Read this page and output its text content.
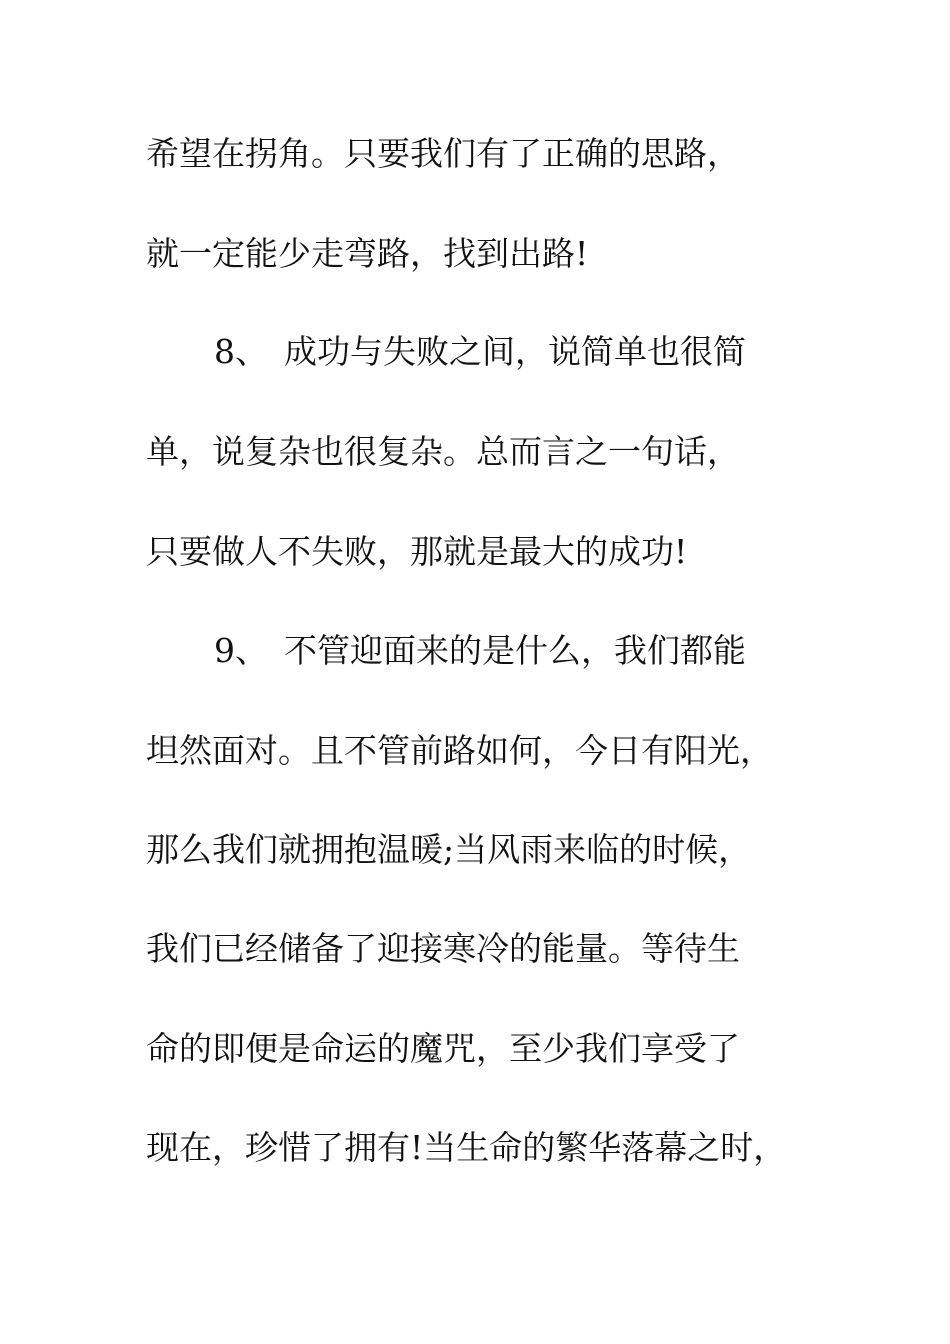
希望在拐角。只要我们有了正确的思路，

就一定能少走弯路，找到出路!

8、 成功与失败之间，说简单也很简

单，说复杂也很复杂。总而言之一句话，

只要做人不失败，那就是最大的成功!

9、 不管迎面来的是什么，我们都能

坦然面对。且不管前路如何，今日有阳光，

那么我们就拥抱温暖;当风雨来临的时候，

我们已经储备了迎接寒冷的能量。等待生

命的即便是命运的魔咒，至少我们享受了

现在，珍惜了拥有!当生命的繁华落幕之时，
